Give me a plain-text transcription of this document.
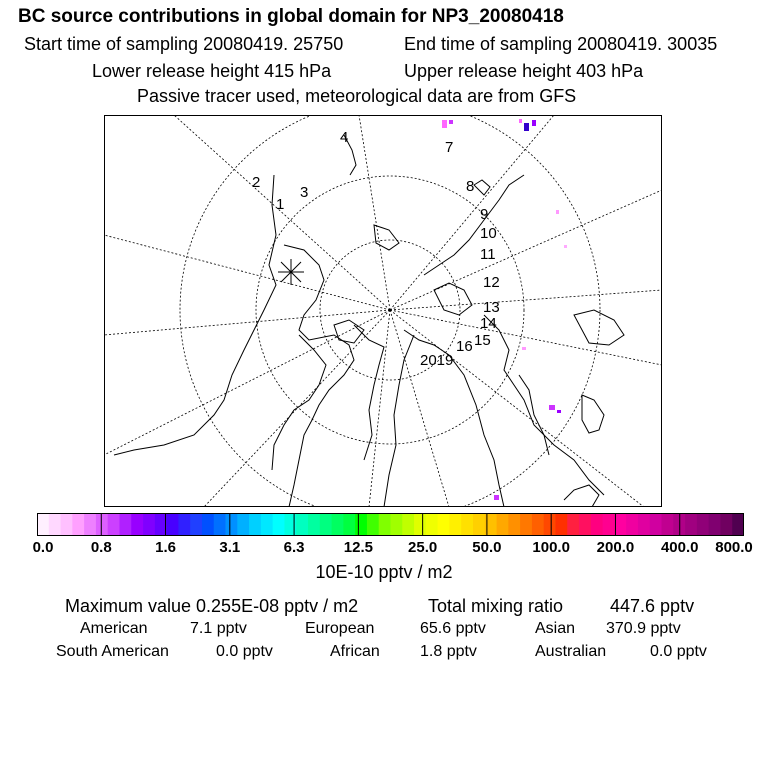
BC source contributions in global domain for NP3_20080418
Start time of sampling 20080419. 25750	End time of sampling 20080419. 30035
Lower release height 415 hPa	Upper release height 403 hPa
Passive tracer used, meteorological data are from GFS
1
2
3
4
7
8
9
10
11
12
13
14
15
16
2019
0.0 0.8	1.6	3.1	6.3	12.5 25.0 50.0 100.0 200.0 400.0 800.0
10E-10 pptv / m2
Maximum value 0.255E-08 pptv / m2	Total mixing ratio	447.6 pptv
American	7.1 pptv	European	65.6 pptv	Asian 370.9 pptv
South American	0.0 pptv	African	1.8 pptv	Australian	0.0 pptv
